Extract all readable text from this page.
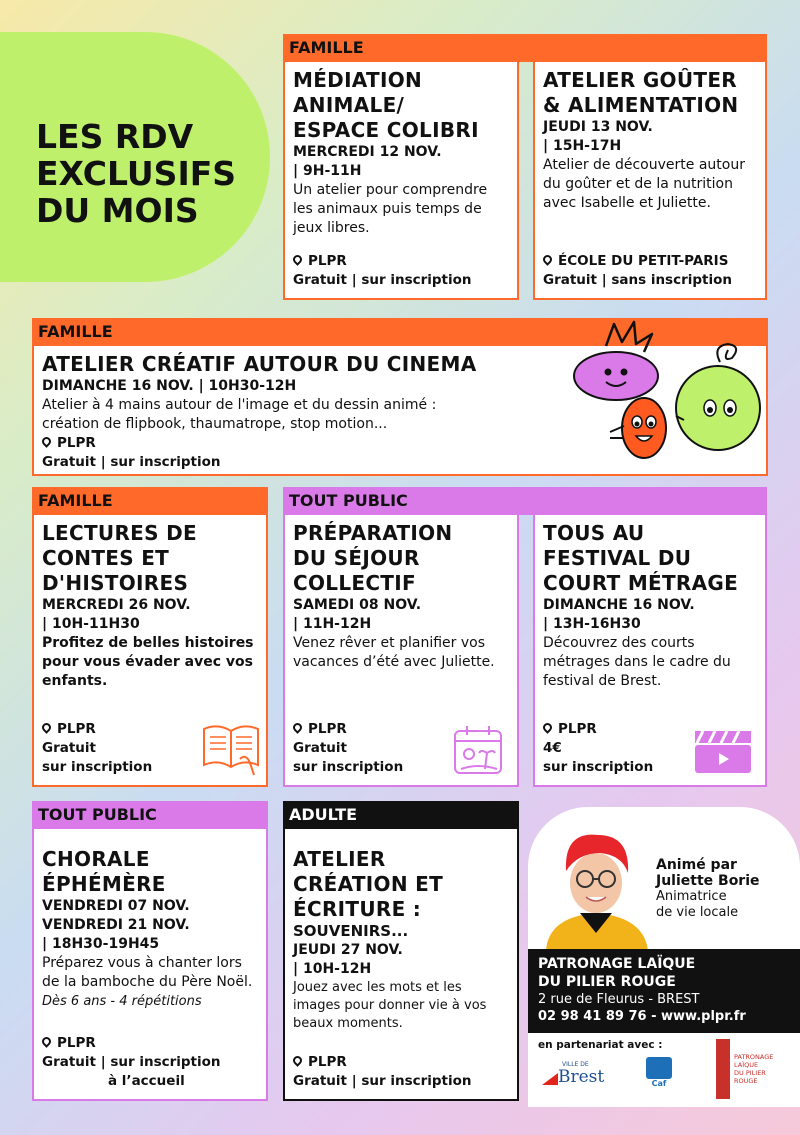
LES RDV
EXCLUSIFS
DU MOIS
FAMILLE
MÉDIATION
ANIMALE/
ESPACE COLIBRI
MERCREDI 12 NOV.
| 9H-11H
Un atelier pour comprendre les animaux puis temps de jeux libres.
PLPR
Gratuit | sur inscription
ATELIER GOÛTER
& ALIMENTATION
JEUDI 13 NOV.
| 15H-17H
Atelier de découverte autour du goûter et de la nutrition avec Isabelle et Juliette.
ÉCOLE DU PETIT-PARIS
Gratuit | sans inscription
FAMILLE
ATELIER CRÉATIF AUTOUR DU CINEMA
DIMANCHE 16 NOV. | 10H30-12H
Atelier à 4 mains autour de l'image et du dessin animé :
création de flipbook, thaumatrope, stop motion...
PLPR
Gratuit | sur inscription
FAMILLE
LECTURES DE
CONTES ET
D'HISTOIRES
MERCREDI 26 NOV.
| 10H-11H30
Profitez de belles histoires pour vous évader avec vos enfants.
PLPR
Gratuit
sur inscription
TOUT PUBLIC
PRÉPARATION
DU SÉJOUR
COLLECTIF
SAMEDI 08 NOV.
| 11H-12H
Venez rêver et planifier vos vacances d’été avec Juliette.
PLPR
Gratuit
sur inscription
TOUS AU
FESTIVAL DU
COURT MÉTRAGE
DIMANCHE 16 NOV.
| 13H-16H30
Découvrez des courts métrages dans le cadre du festival de Brest.
PLPR
4€
sur inscription
TOUT PUBLIC
CHORALE
ÉPHÉMÈRE
VENDREDI 07 NOV.
VENDREDI 21 NOV.
| 18H30-19H45
Préparez vous à chanter lors de la bamboche du Père Noël.
Dès 6 ans - 4 répétitions
PLPR
Gratuit | sur inscription
à l’accueil
ADULTE
ATELIER
CRÉATION ET
ÉCRITURE :
SOUVENIRS...
JEUDI 27 NOV.
| 10H-12H
Jouez avec les mots et les images pour donner vie à vos beaux moments.
PLPR
Gratuit | sur inscription
Animé par
Juliette Borie
Animatrice
de vie locale
PATRONAGE LAÏQUE
DU PILIER ROUGE
2 rue de Fleurus - BREST
02 98 41 89 76 - www.plpr.fr
en partenariat avec :
VILLE DE
Brest	Caf
PATRONAGE
LAÏQUE
DU PILIER
ROUGE
